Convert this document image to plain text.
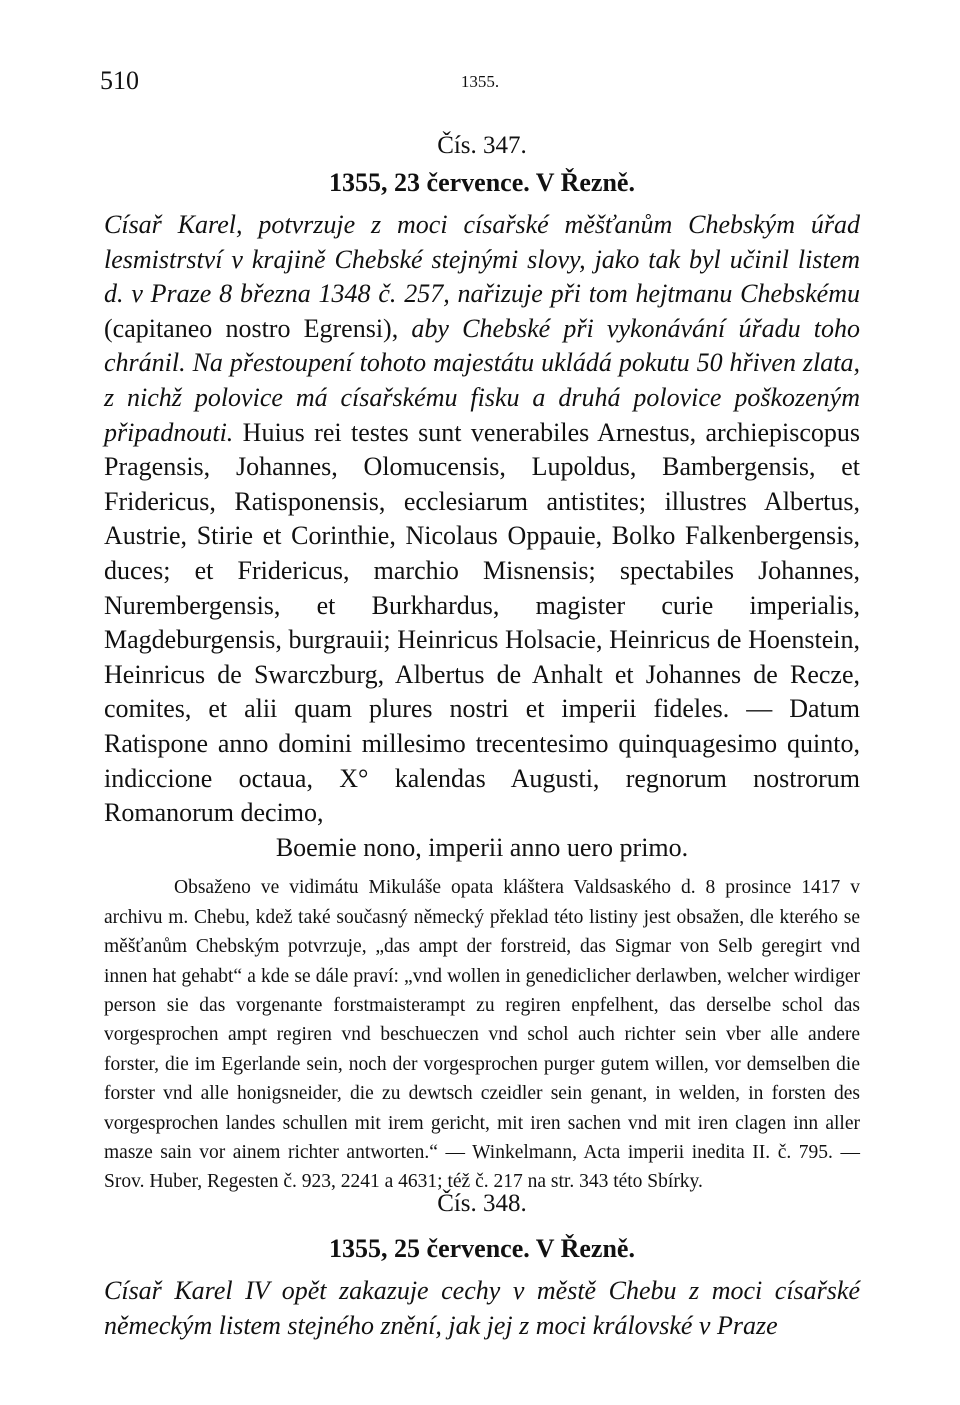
510	1355.
Čís. 347.
1355, 23 července. V Řezně.

Císař Karel, potvrzuje z moci císařské měšťanům Chebským úřad lesmistrství v krajině Chebské stejnými slovy, jako tak byl učinil listem d. v Praze 8 března 1348 č. 257, nařizuje při tom hejtmanu Chebskému (capitaneo nostro Egrensi), aby Chebské při vykonávání úřadu toho chránil. Na přestoupení tohoto majestátu ukládá pokutu 50 hřiven zlata, z nichž polovice má císařskému fisku a druhá polovice poškozeným připadnouti. Huius rei testes sunt venerabiles Arnestus, archiepiscopus Pragensis, Johannes, Olomucensis, Lupoldus, Bambergensis, et Fridericus, Ratisponensis, ecclesiarum antistites; illustres Albertus, Austrie, Stirie et Corinthie, Nicolaus Oppauie, Bolko Falkenbergensis, duces; et Fridericus, marchio Misnensis; spectabiles Johannes, Nurembergensis, et Burkhardus, magister curie imperialis, Magdeburgensis, burgrauii; Heinricus Holsacie, Heinricus de Hoenstein, Heinricus de Swarczburg, Albertus de Anhalt et Johannes de Recze, comites, et alii quam plures nostri et imperii fideles. — Datum Ratispone anno domini millesimo trecentesimo quinquagesimo quinto, indiccione octaua, X° kalendas Augusti, regnorum nostrorum Romanorum decimo,

Boemie nono, imperii anno uero primo.

Obsaženo ve vidimátu Mikuláše opata kláštera Valdsaského d. 8 prosince 1417 v archivu m. Chebu, kdež také současný německý překlad této listiny jest obsažen, dle kterého se měšťanům Chebským potvrzuje, „das ampt der forstreid, das Sigmar von Selb geregirt vnd innen hat gehabt“ a kde se dále praví: „vnd wollen in genediclicher derlawben, welcher wirdiger person sie das vorgenante forstmaisterampt zu regiren enpfelhent, das derselbe schol das vorgesprochen ampt regiren vnd beschueczen vnd schol auch richter sein vber alle andere forster, die im Egerlande sein, noch der vorgesprochen purger gutem willen, vor demselben die forster vnd alle honigsneider, die zu dewtsch czeidler sein genant, in welden, in forsten des vorgesprochen landes schullen mit irem gericht, mit iren sachen vnd mit iren clagen inn aller masze sain vor ainem richter antworten.“ — Winkelmann, Acta imperii inedita II. č. 795. — Srov. Huber, Regesten č. 923, 2241 a 4631; též č. 217 na str. 343 této Sbírky.

Čís. 348.
1355, 25 července. V Řezně.

Císař Karel IV opět zakazuje cechy v městě Chebu z moci císařské německým listem stejného znění, jak jej z moci královské v Praze
